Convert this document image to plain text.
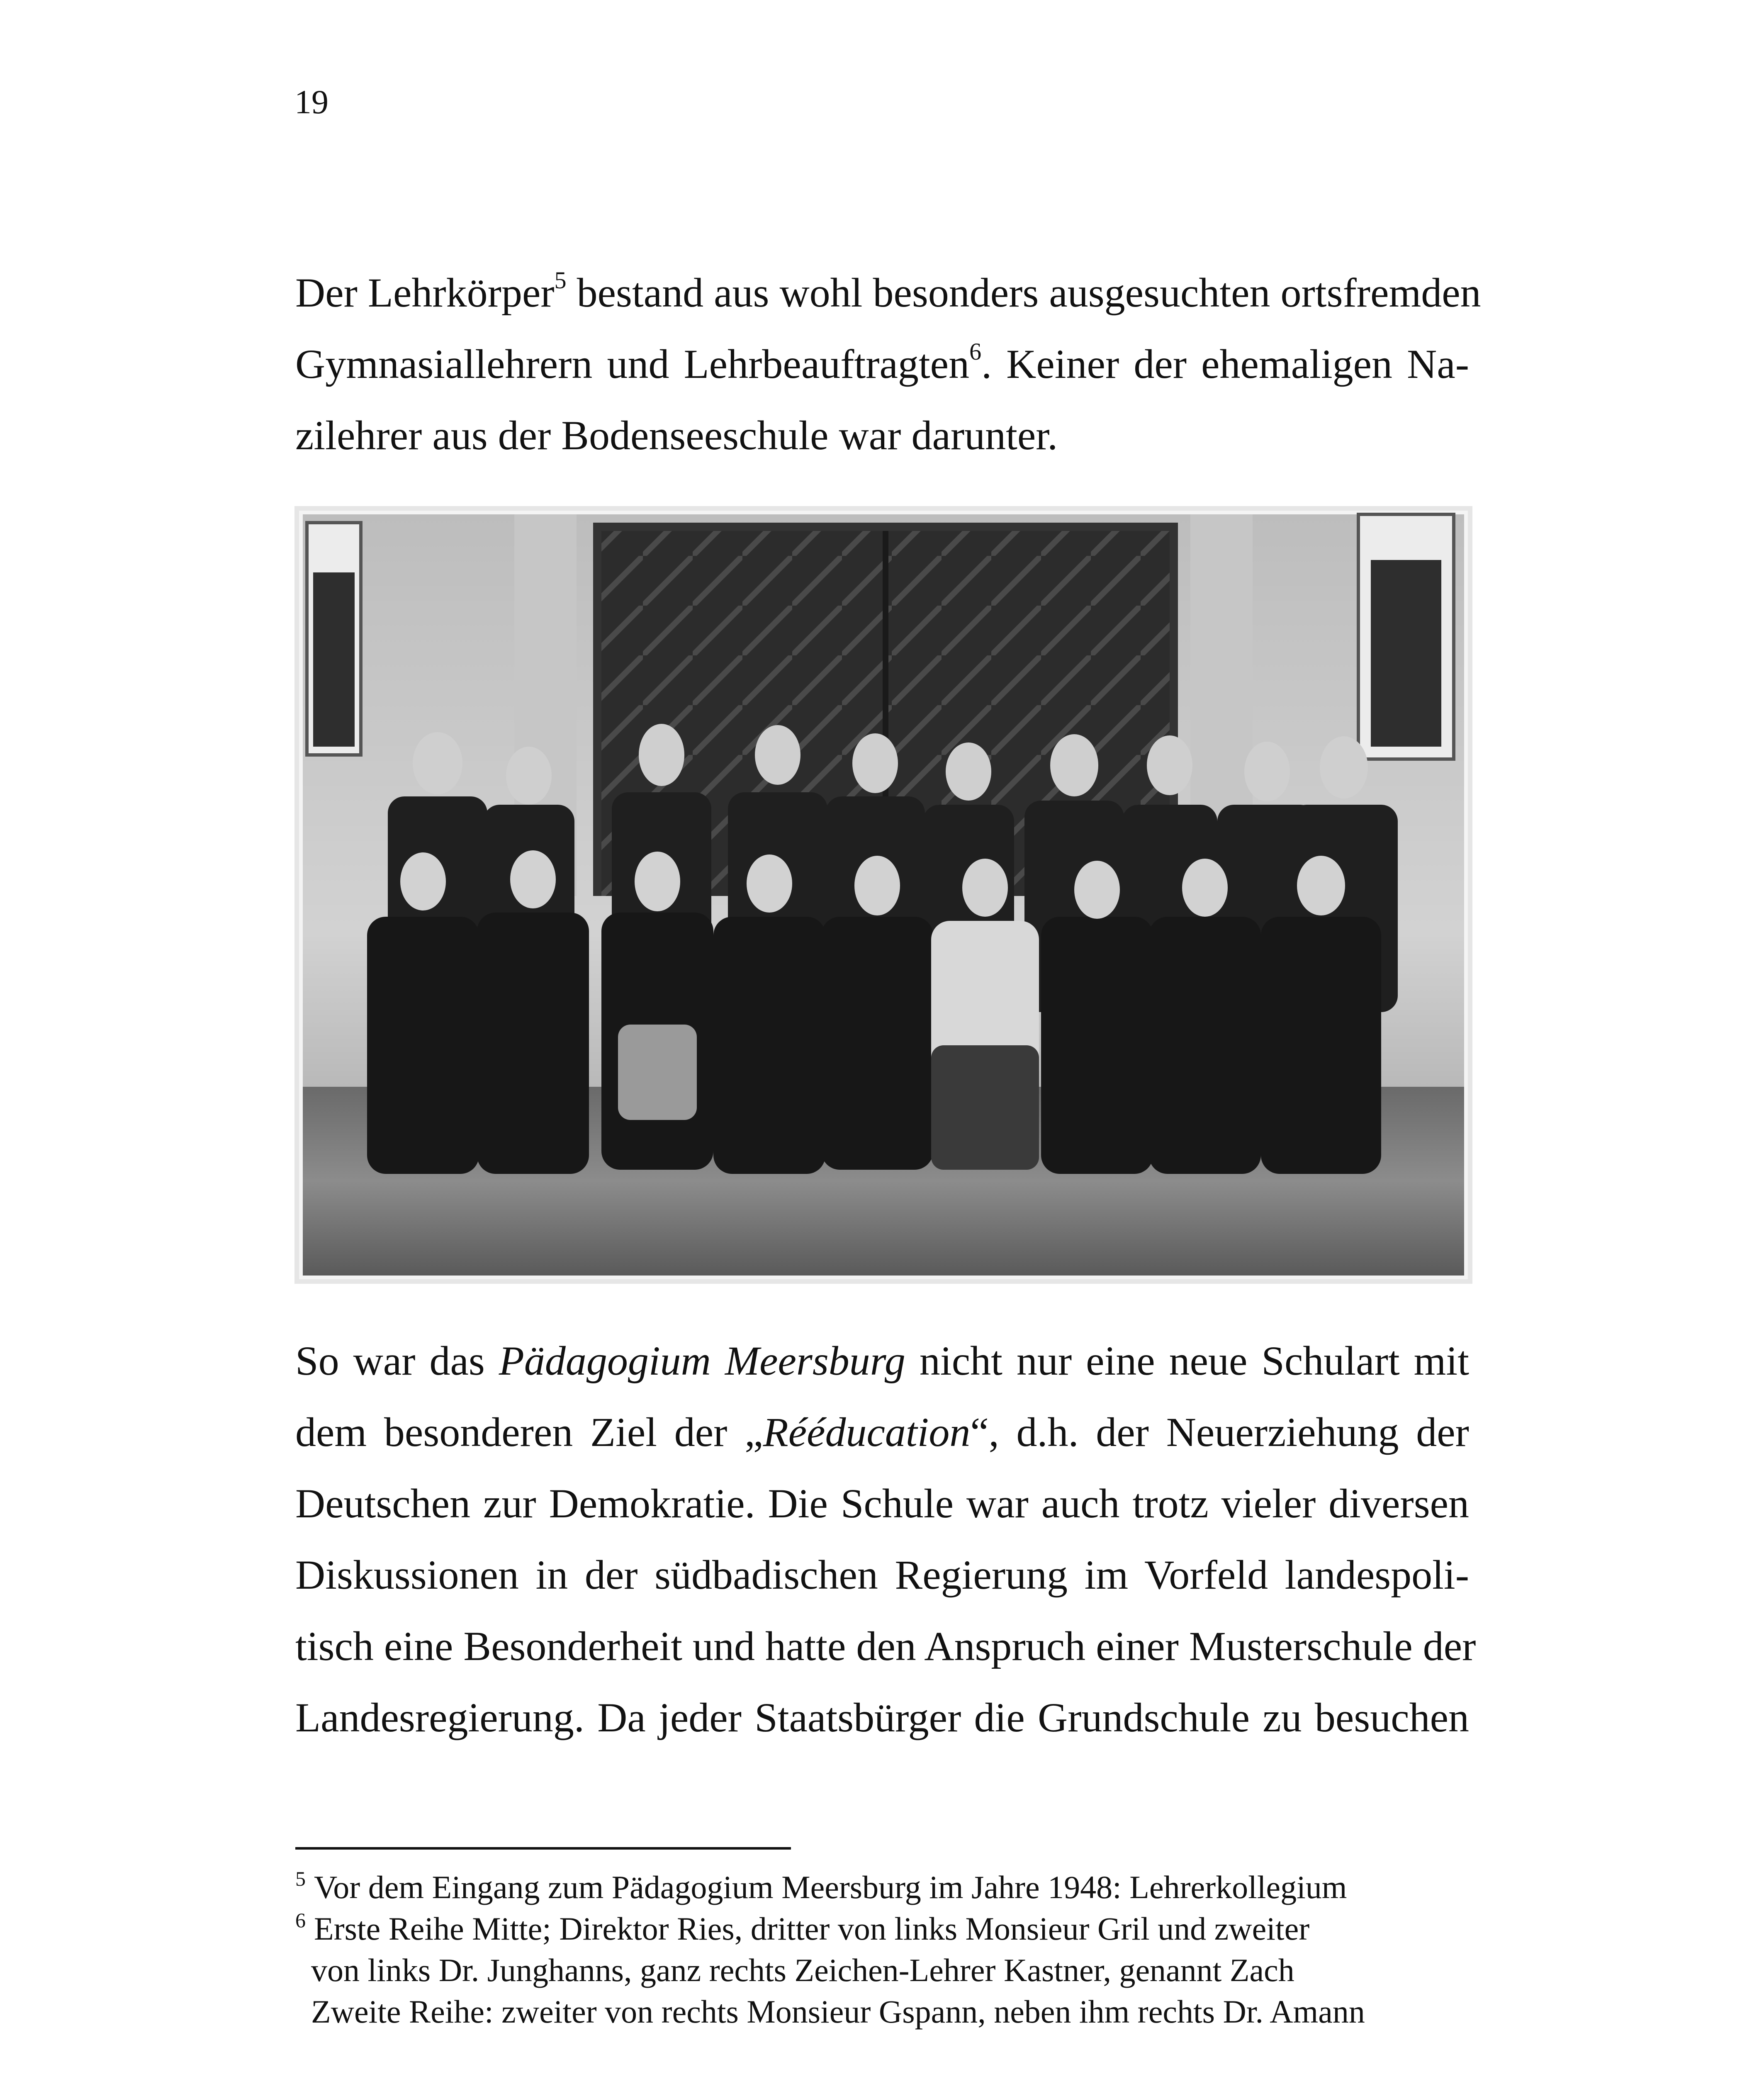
19

Der Lehrkörper$^5$ bestand aus wohl besonders ausgesuchten ortsfremden
Gymnasiallehrern und Lehrbeauftragten$^6$. Keiner der ehemaligen Na-
zilehrer aus der Bodenseeschule war darunter.

So war das Pädagogium Meersburg nicht nur eine neue Schulart mit
dem besonderen Ziel der „Rééducation“, d.h. der Neuerziehung der
Deutschen zur Demokratie. Die Schule war auch trotz vieler diversen
Diskussionen in der südbadischen Regierung im Vorfeld landespoli-
tisch eine Besonderheit und hatte den Anspruch einer Musterschule der
Landesregierung. Da jeder Staatsbürger die Grundschule zu besuchen

$^5$ Vor dem Eingang zum Pädagogium Meersburg im Jahre 1948: Lehrerkollegium
$^6$ Erste Reihe Mitte; Direktor Ries, dritter von links Monsieur Gril und zweiter
von links Dr. Junghanns, ganz rechts Zeichen-Lehrer Kastner, genannt Zach
Zweite Reihe: zweiter von rechts Monsieur Gspann, neben ihm rechts Dr. Amann
